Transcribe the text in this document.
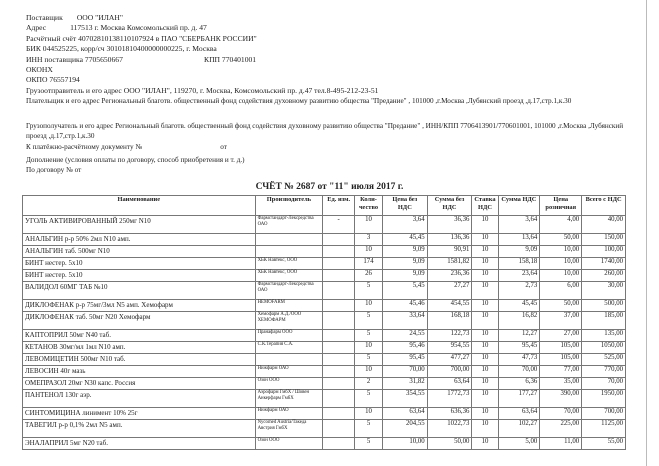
Поставщик ООО "ИЛАН"
Адрес	117513 г. Москва Комсомольский пр. д. 47
Расчётный счёт 40702810138110107924 в ПАО "СБЕРБАНК РОССИИ"
БИК 044525225, корр/сч 30101810400000000225, г. Москва
ИНН поставщика 7705650667	КПП 770401001
ОКОНХ
ОКПО 76557194
Грузоотправитель и его адрес ООО "ИЛАН", 119270, г. Москва, Комсомольский пр. д.47 тел.8-495-212-23-51
Плательщик и его адрес Региональный благотв. общественный фонд содействия духовному развитию общества "Предание" , 101000 ,г.Москва ,Лубянский проезд ,д.17,стр.1,к.30
Грузополучатель и его адрес Региональный благотв. общественный фонд содействия духовному развитию общества "Предание" , ИНН/КПП 7706413901/770601001, 101000 ,г.Москва ,Лубянский проезд ,д.17,стр.1,к.30
К платёжно-расчётному документу №	от
Дополнение (условия оплаты по договору, способ приобретения и т. д.)
По договору № от
СЧЁТ № 2687 от "11" июля 2017 г.
Наименование	Производитель	Ед. изм.	Коли-чество	Цена без НДС	Сумма без НДС	Ставка НДС	Сумма НДС	Цена розничная	Всего с НДС
УГОЛЬ АКТИВИРОВАННЫЙ 250мг N10	Фармстандарт-Лексредства ОАО	-	10	3,64	36,36	10	3,64	4,00	40,00
АНАЛЬГИН р-р 50% 2мл N10 амп.			3	45,45	136,36	10	13,64	50,00	150,00
АНАЛЬГИН таб. 500мг N10			10	9,09	90,91	10	9,09	10,00	100,00
БИНТ нестер. 5x10	ХБК Навтекс, ООО		174	9,09	1581,82	10	158,18	10,00	1740,00
БИНТ нестер. 5x10	ХБК Навтекс, ООО		26	9,09	236,36	10	23,64	10,00	260,00
ВАЛИДОЛ 60МГ ТАБ №10	Фармстандарт-Лексредства ОАО		5	5,45	27,27	10	2,73	6,00	30,00
ДИКЛОФЕНАК р-р 75мг/3мл N5 амп. Хемофарм	HEMOFARM		10	45,46	454,55	10	45,45	50,00	500,00
ДИКЛОФЕНАК таб. 50мг N20 Хемофарм	Хемофарм А.Д./ООО ХЕМОФАРМ		5	33,64	168,18	10	16,82	37,00	185,00
КАПТОПРИЛ 50мг N40 таб.	Пранафарм ООО		5	24,55	122,73	10	12,27	27,00	135,00
КЕТАНОВ 30мг/мл 1мл N10 амп.	С.К.Терапия С.А.		10	95,46	954,55	10	95,45	105,00	1050,00
ЛЕВОМИЦЕТИН 500мг N10 таб.			5	95,45	477,27	10	47,73	105,00	525,00
ЛЕВОСИН 40г мазь	Нижфарм ОАО		10	70,00	700,00	10	70,00	77,00	770,00
ОМЕПРАЗОЛ 20мг N30 капс. Россия	Озон ООО		2	31,82	63,64	10	6,36	35,00	70,00
ПАНТЕНОЛ 130г аэр.	Аэрофарм ГмбХ / Шовен Анкерфарм ГмбХ		5	354,55	1772,73	10	177,27	390,00	1950,00
СИНТОМИЦИНА линимент 10% 25г	Нижфарм ОАО		10	63,64	636,36	10	63,64	70,00	700,00
ТАВЕГИЛ р-р 0,1% 2мл N5 амп.	Nycomed Austria/Такеда Австрия ГмбХ		5	204,55	1022,73	10	102,27	225,00	1125,00
ЭНАЛАПРИЛ 5мг N20 таб.	Озон ООО		5	10,00	50,00	10	5,00	11,00	55,00
